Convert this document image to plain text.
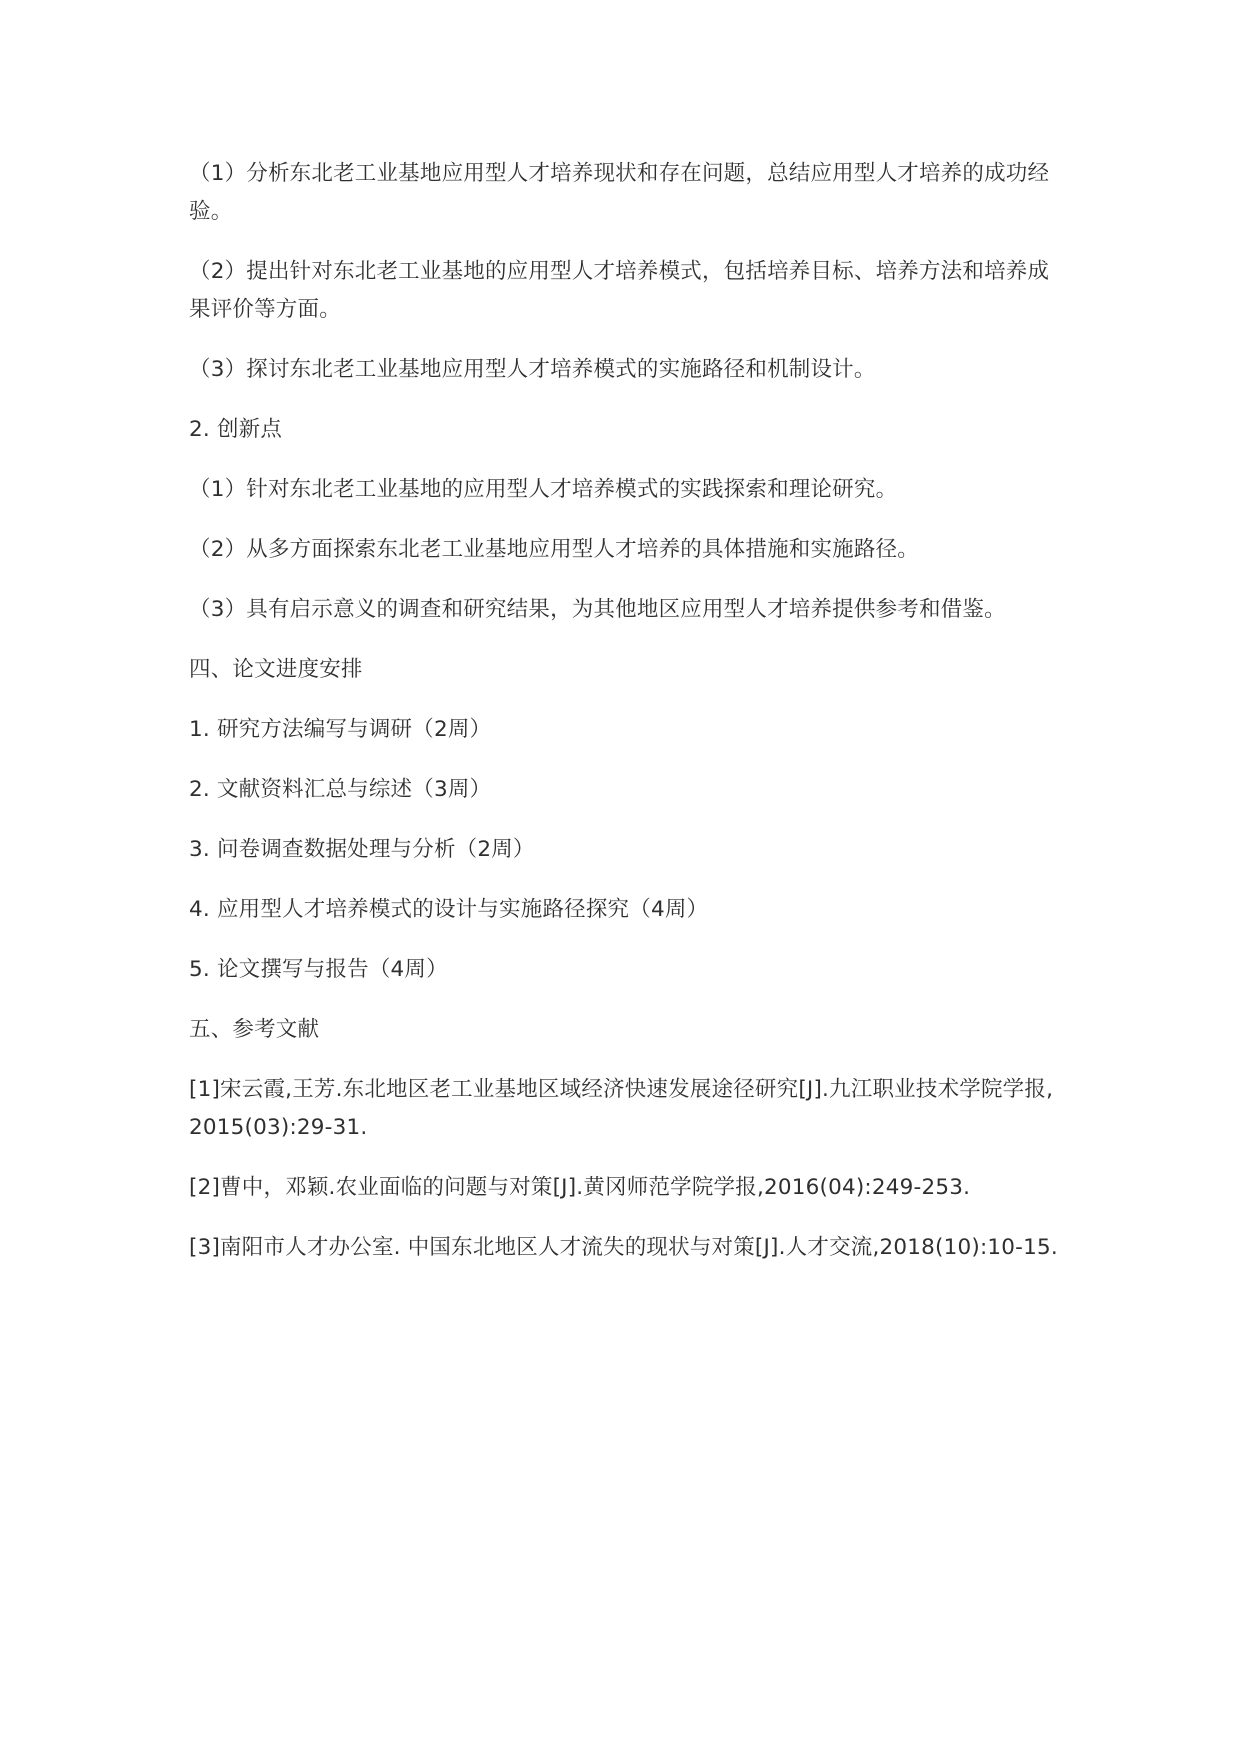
（1）分析东北老工业基地应用型人才培养现状和存在问题，总结应用型人才培养的成功经验。

（2）提出针对东北老工业基地的应用型人才培养模式，包括培养目标、培养方法和培养成果评价等方面。

（3）探讨东北老工业基地应用型人才培养模式的实施路径和机制设计。

2. 创新点

（1）针对东北老工业基地的应用型人才培养模式的实践探索和理论研究。

（2）从多方面探索东北老工业基地应用型人才培养的具体措施和实施路径。

（3）具有启示意义的调查和研究结果，为其他地区应用型人才培养提供参考和借鉴。

四、论文进度安排

1. 研究方法编写与调研（2周）

2. 文献资料汇总与综述（3周）

3. 问卷调查数据处理与分析（2周）

4. 应用型人才培养模式的设计与实施路径探究（4周）

5. 论文撰写与报告（4周）

五、参考文献

[1]宋云霞,王芳.东北地区老工业基地区域经济快速发展途径研究[J].九江职业技术学院学报,2015(03):29-31.

[2]曹中，邓颖.农业面临的问题与对策[J].黄冈师范学院学报,2016(04):249-253.

[3]南阳市人才办公室. 中国东北地区人才流失的现状与对策[J].人才交流,2018(10):10-15.
